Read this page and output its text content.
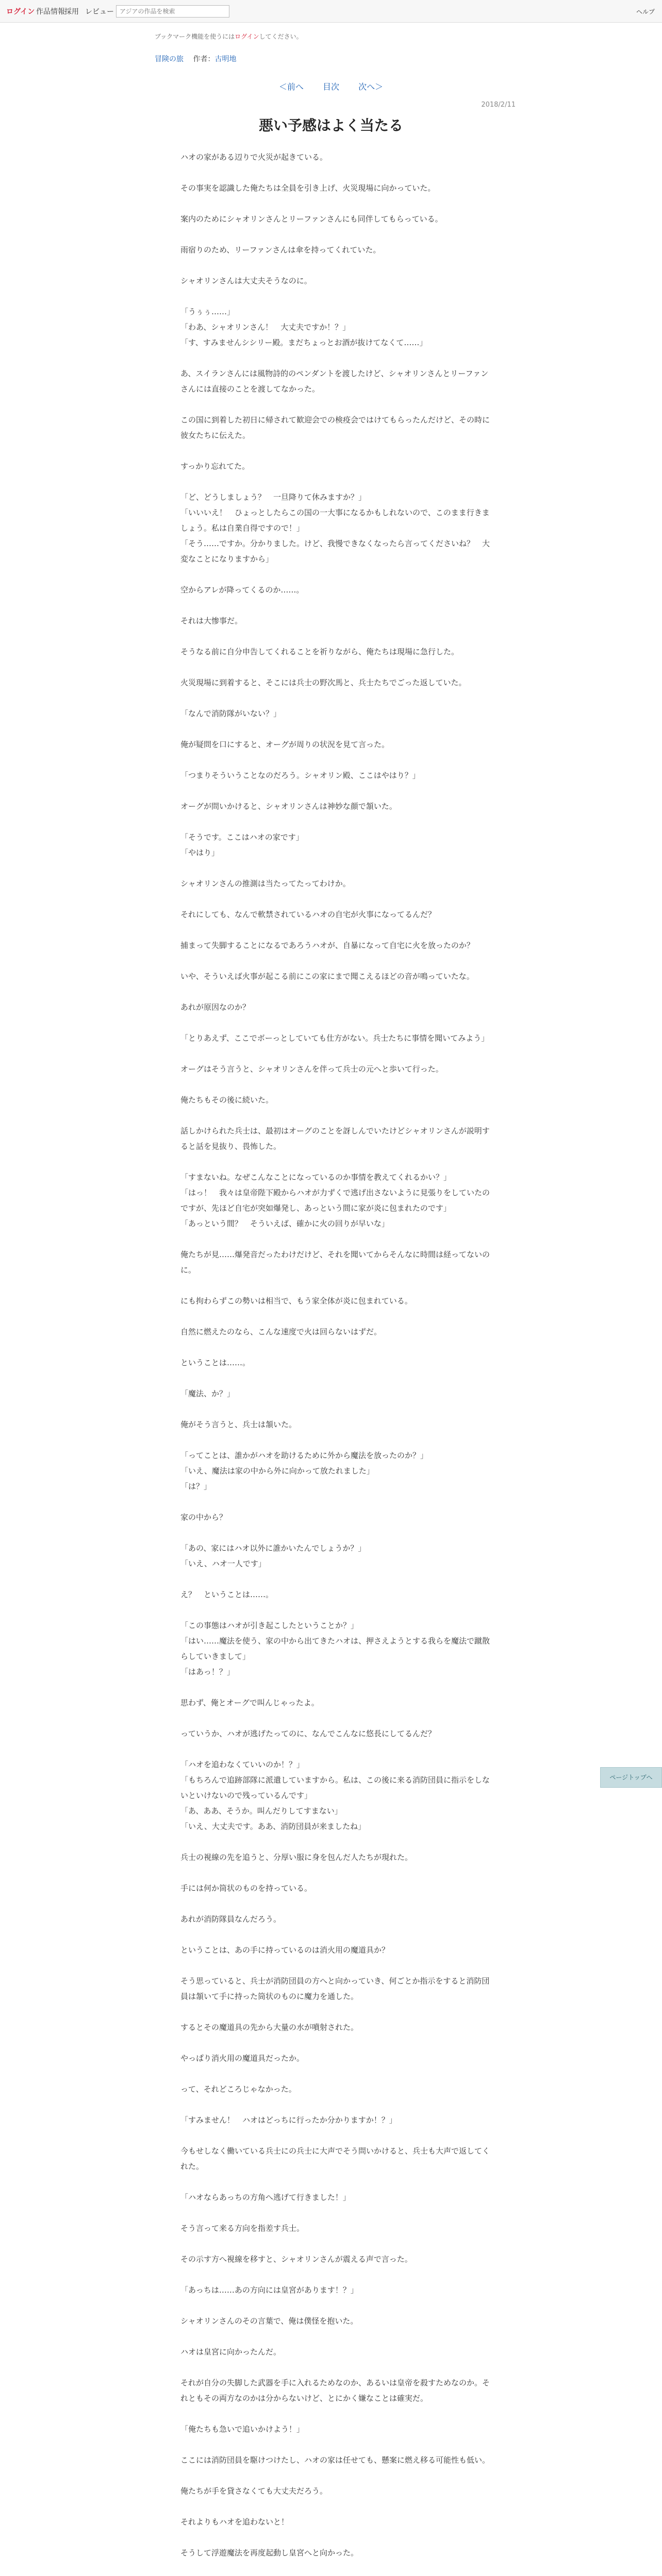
ログイン 作品情報 採用 レビュー
アジアの作品を検索	ヘルプ
ブックマーク機能を使うにはログインしてください。
冒険の旅 作者：古明地
＜前へ 目次 次へ＞
2018/2/11
悪い予感はよく当たる

ハオの家がある辺りで火災が起きている。

その事実を認識した俺たちは全員を引き上げ、火災現場に向かっていた。

案内のためにシャオリンさんとリーファンさんにも同伴してもらっている。

雨宿りのため、リーファンさんは傘を持ってくれていた。

シャオリンさんは大丈夫そうなのに。

「うぅぅ……」
「わあ、シャオリンさん！　大丈夫ですか！？」
「す、すみませんシシリー殿。まだちょっとお酒が抜けてなくて……」

あ、スイランさんには風物詩的のペンダントを渡したけど、シャオリンさんとリーファンさんには直接のことを渡してなかった。

この国に到着した初日に帰されて歓迎会での検疫会ではけてもらったんだけど、その時に彼女たちに伝えた。

すっかり忘れてた。

「ど、どうしましょう？　一旦降りて休みますか？」
「いいいえ！　ひょっとしたらこの国の一大事になるかもしれないので、このまま行きましょう。私は自業自得ですので！」
「そう……ですか。分かりました。けど、我慢できなくなったら言ってくださいね？　大変なことになりますから」

空からアレが降ってくるのか……。

それは大惨事だ。

そうなる前に自分申告してくれることを祈りながら、俺たちは現場に急行した。

火災現場に到着すると、そこには兵士の野次馬と、兵士たちでごった返していた。

「なんで消防隊がいない？」

俺が疑問を口にすると、オーグが周りの状況を見て言った。

「つまりそういうことなのだろう。シャオリン殿、ここはやはり？」

オーグが問いかけると、シャオリンさんは神妙な顔で頷いた。

「そうです。ここはハオの家です」
「やはり」

シャオリンさんの推測は当たってたってわけか。

それにしても、なんで軟禁されているハオの自宅が火事になってるんだ？

捕まって失脚することになるであろうハオが、自暴になって自宅に火を放ったのか？

いや、そういえば火事が起こる前にこの家にまで聞こえるほどの音が鳴っていたな。

あれが原因なのか？

「とりあえず、ここでボーっとしていても仕方がない。兵士たちに事情を聞いてみよう」

オーグはそう言うと、シャオリンさんを伴って兵士の元へと歩いて行った。

俺たちもその後に続いた。

話しかけられた兵士は、最初はオーグのことを訝しんでいたけどシャオリンさんが説明すると話を見抜り、畏怖した。

「すまないね。なぜこんなことになっているのか事情を教えてくれるかい？」
「はっ！　我々は皇帝陛下殿からハオが力ずくで逃げ出さないように見張りをしていたのですが、先ほど自宅が突如爆発し、あっという間に家が炎に包まれたのです」
「あっという間？　そういえば、確かに火の回りが早いな」

俺たちが見……爆発音だったわけだけど、それを聞いてからそんなに時間は経ってないのに。

にも拘わらずこの勢いは相当で、もう家全体が炎に包まれている。

自然に燃えたのなら、こんな速度で火は回らないはずだ。

ということは……。

「魔法、か？」

俺がそう言うと、兵士は頷いた。

「ってことは、誰かがハオを助けるために外から魔法を放ったのか？」
「いえ、魔法は家の中から外に向かって放たれました」
「は？」

家の中から？

「あの、家にはハオ以外に誰かいたんでしょうか？」
「いえ、ハオ一人です」

え？　ということは……。

「この事態はハオが引き起こしたということか？」
「はい……魔法を使う、家の中から出てきたハオは、押さえようとする我らを魔法で蹴散らしていきまして」
「はあっ！？」

思わず、俺とオーグで叫んじゃったよ。

っていうか、ハオが逃げたってのに、なんでこんなに悠長にしてるんだ？

「ハオを追わなくていいのか！？」
「もちろんで追跡部隊に派遣していますから。私は、この後に来る消防団員に指示をしないといけないので残っているんです」
「あ、ああ、そうか。叫んだりしてすまない」
「いえ、大丈夫です。ああ、消防団員が来ましたね」

兵士の視線の先を追うと、分厚い服に身を包んだ人たちが現れた。

手には何か筒状のものを持っている。

あれが消防隊員なんだろう。

ということは、あの手に持っているのは消火用の魔道具か？

そう思っていると、兵士が消防団員の方へと向かっていき、何ごとか指示をすると消防団員は頷いて手に持った筒状のものに魔力を通した。

するとその魔道具の先から大量の水が噴射された。

やっぱり消火用の魔道具だったか。

って、それどころじゃなかった。

「すみません！　ハオはどっちに行ったか分かりますか！？」

今もせしなく働いている兵士にの兵士に大声でそう問いかけると、兵士も大声で返してくれた。

「ハオならあっちの方角へ逃げて行きました！」

そう言って来る方向を指差す兵士。

その示す方へ視線を移すと、シャオリンさんが震える声で言った。

「あっちは……あの方向には皇宮があります！？」

シャオリンさんのその言葉で、俺は僕怪を抱いた。

ハオは皇宮に向かったんだ。

それが自分の失脚した武器を手に入れるためなのか、あるいは皇帝を殺すためなのか。それともその両方なのかは分からないけど、とにかく嫌なことは確実だ。

「俺たちも急いで追いかけよう！」

ここには消防団員を駆けつけたし、ハオの家は任せても、懸案に燃え移る可能性も低い。

俺たちが手を貸さなくても大丈夫だろう。

それよりもハオを追わないと！

そうして浮遊魔法を再度起動し皇宮へと向かった。

ページトップへ
